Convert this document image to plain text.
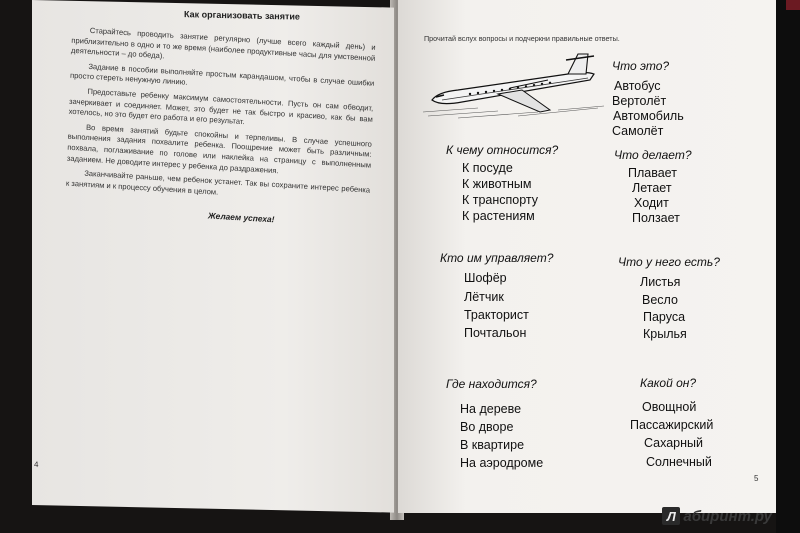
Как организовать занятие

Старайтесь проводить занятие регулярно (лучше всего каждый день) и приблизительно в одно и то же время (наиболее продуктивные часы для умственной деятельности – до обеда).

Задание в пособии выполняйте простым карандашом, чтобы в случае ошибки просто стереть ненужную линию.

Предоставьте ребенку максимум самостоятельности. Пусть он сам обводит, зачеркивает и соединяет. Может, это будет не так быстро и красиво, как бы вам хотелось, но это будет его работа и его результат.

Во время занятий будьте спокойны и терпеливы. В случае успешного выполнения задания похвалите ребенка. Поощрение может быть различным: похвала, поглаживание по голове или наклейка на страницу с выполненным заданием. Не доводите интерес у ребенка до раздражения.

Заканчивайте раньше, чем ребенок устанет. Так вы сохраните интерес ребенка к занятиям и к процессу обучения в целом.

Желаем успеха!
4
Прочитай вслух вопросы и подчеркни правильные ответы.
Что это?
Автобус
Вертолёт
Автомобиль
Самолёт
К чему относится?
К посуде
К животным
К транспорту
К растениям
Что делает?
Плавает
Летает
Ходит
Ползает
Кто им управляет?
Шофёр
Лётчик
Тракторист
Почтальон
Что у него есть?
Листья
Весло
Паруса
Крылья
Где находится?
На дереве
Во дворе
В квартире
На аэродроме
Какой он?
Овощной
Пассажирский
Сахарный
Солнечный
5
Л абиринт.ру
